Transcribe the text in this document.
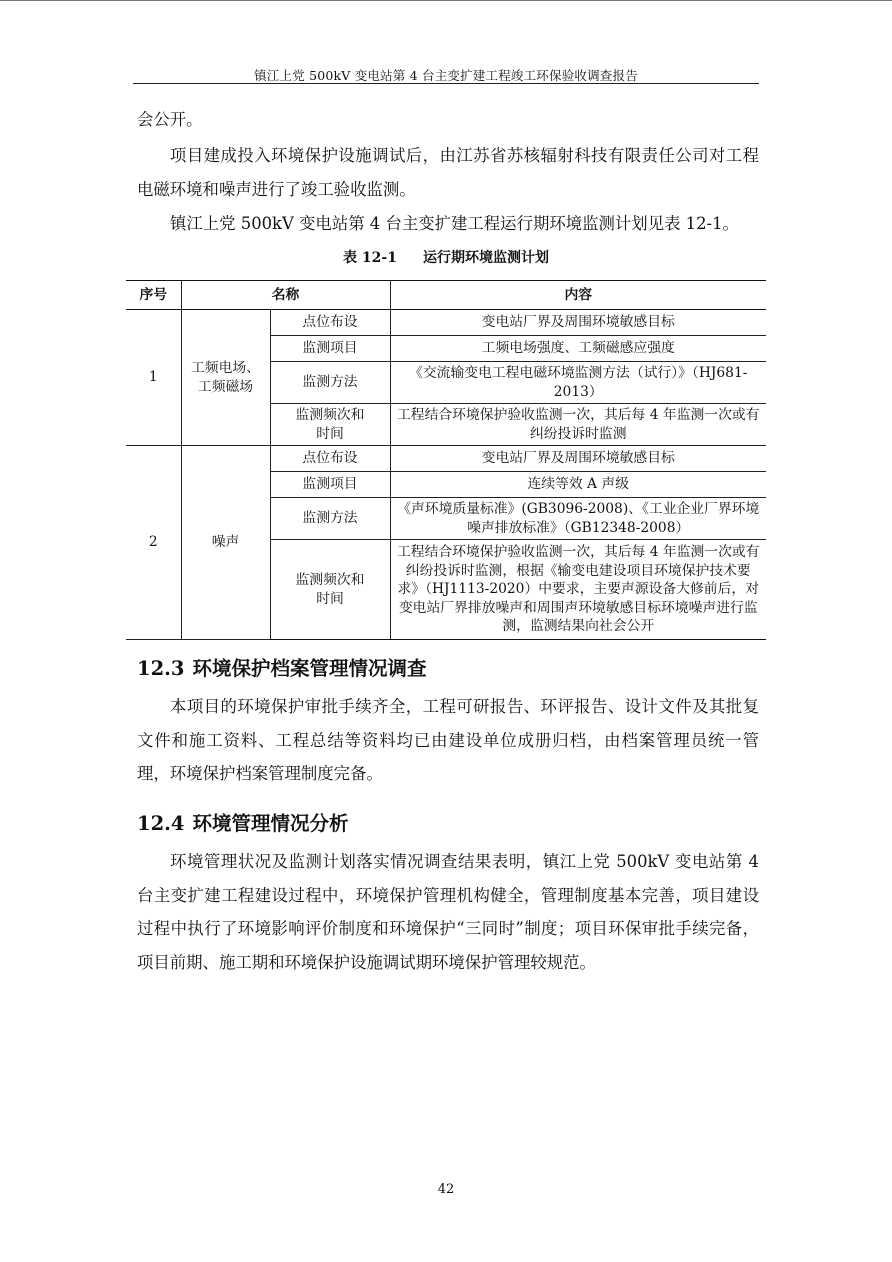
镇江上党 500kV 变电站第 4 台主变扩建工程竣工环保验收调查报告

会公开。

项目建成投入环境保护设施调试后，由江苏省苏核辐射科技有限责任公司对工程电磁环境和噪声进行了竣工验收监测。

镇江上党 500kV 变电站第 4 台主变扩建工程运行期环境监测计划见表 12-1。

表 12-1 运行期环境监测计划
序号	名称		内容
1	工频电场、工频磁场	点位布设	变电站厂界及周围环境敏感目标
		监测项目	工频电场强度、工频磁感应强度
		监测方法	《交流输变电工程电磁环境监测方法（试行）》（HJ681-2013）
		监测频次和时间	工程结合环境保护验收监测一次，其后每 4 年监测一次或有纠纷投诉时监测
2	噪声	点位布设	变电站厂界及周围环境敏感目标
		监测项目	连续等效 A 声级
		监测方法	《声环境质量标准》(GB3096-2008)、《工业企业厂界环境噪声排放标准》（GB12348-2008）
		监测频次和时间	工程结合环境保护验收监测一次，其后每 4 年监测一次或有纠纷投诉时监测，根据《输变电建设项目环境保护技术要求》（HJ1113-2020）中要求，主要声源设备大修前后，对变电站厂界排放噪声和周围声环境敏感目标环境噪声进行监测，监测结果向社会公开
12.3 环境保护档案管理情况调查

本项目的环境保护审批手续齐全，工程可研报告、环评报告、设计文件及其批复文件和施工资料、工程总结等资料均已由建设单位成册归档，由档案管理员统一管理，环境保护档案管理制度完备。

12.4 环境管理情况分析

环境管理状况及监测计划落实情况调查结果表明，镇江上党 500kV 变电站第 4 台主变扩建工程建设过程中，环境保护管理机构健全，管理制度基本完善，项目建设过程中执行了环境影响评价制度和环境保护“三同时”制度；项目环保审批手续完备，项目前期、施工期和环境保护设施调试期环境保护管理较规范。

42
